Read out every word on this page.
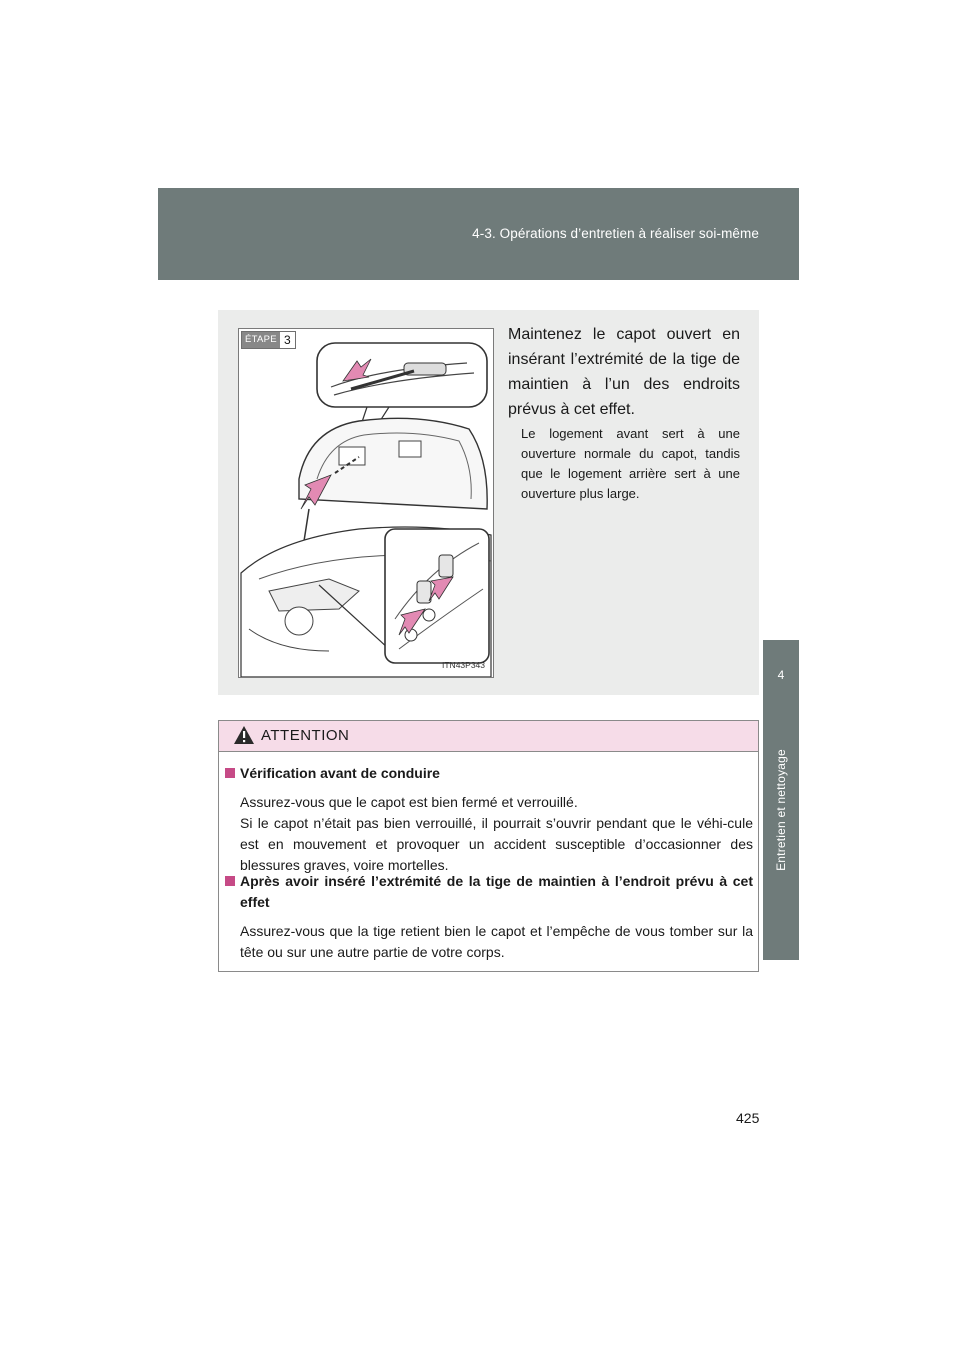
4-3. Opérations d’entretien à réaliser soi-même
4
Entretien et nettoyage
ÉTAPE 3
ITN43P343
Maintenez le capot ouvert en insérant l’extrémité de la tige de maintien à l’un des endroits prévus à cet effet.
Le logement avant sert à une ouverture normale du capot, tandis que le logement arrière sert à une ouverture plus large.
ATTENTION
Vérification avant de conduire
Assurez-vous que le capot est bien fermé et verrouillé.
Si le capot n’était pas bien verrouillé, il pourrait s’ouvrir pendant que le véhi-cule est en mouvement et provoquer un accident susceptible d’occasionner des blessures graves, voire mortelles.
Après avoir inséré l’extrémité de la tige de maintien à l’endroit prévu à cet effet
Assurez-vous que la tige retient bien le capot et l’empêche de vous tomber sur la tête ou sur une autre partie de votre corps.
425
